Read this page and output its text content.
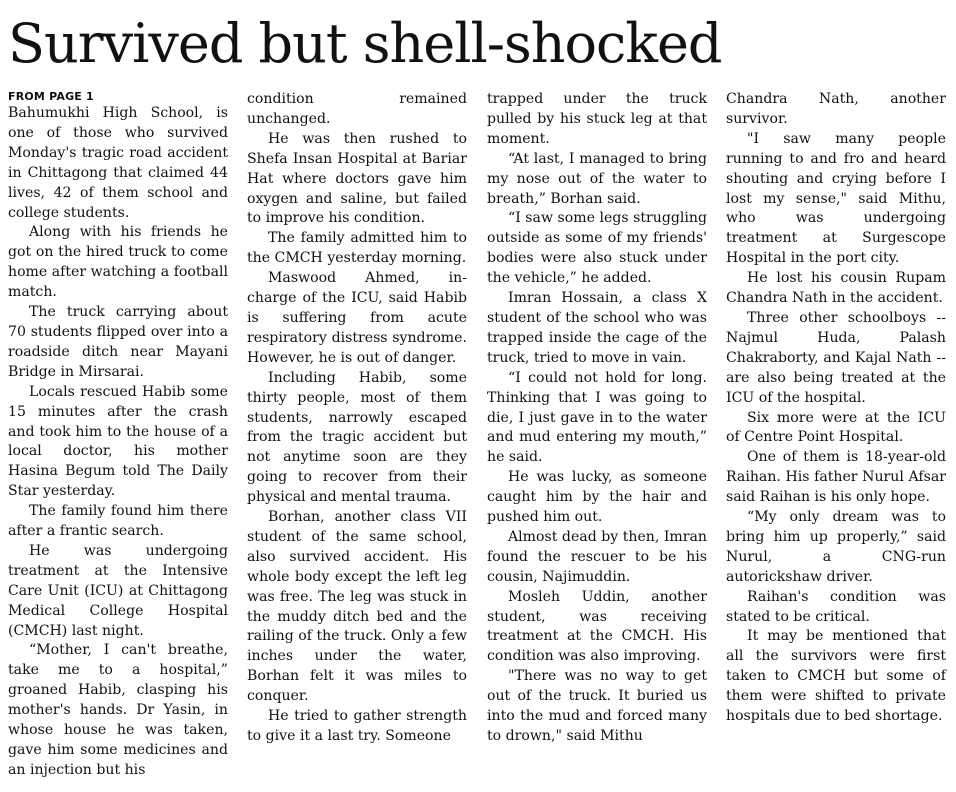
Survived but shell-shocked
FROM PAGE 1

Bahumukhi High School, is one of those who survived Monday's tragic road accident in Chittagong that claimed 44 lives, 42 of them school and college students.

Along with his friends he got on the hired truck to come home after watching a football match.

The truck carrying about 70 students flipped over into a roadside ditch near Mayani Bridge in Mirsarai.

Locals rescued Habib some 15 minutes after the crash and took him to the house of a local doctor, his mother Hasina Begum told The Daily Star yesterday.

The family found him there after a frantic search.

He was undergoing treatment at the Intensive Care Unit (ICU) at Chittagong Medical College Hospital (CMCH) last night.

“Mother, I can't breathe, take me to a hospital,” groaned Habib, clasping his mother's hands. Dr Yasin, in whose house he was taken, gave him some medicines and an injection but his

condition remained unchanged.

He was then rushed to Shefa Insan Hospital at Bariar Hat where doctors gave him oxygen and saline, but failed to improve his condition.

The family admitted him to the CMCH yesterday morning.

Maswood Ahmed, in-charge of the ICU, said Habib is suffering from acute respiratory distress syndrome. However, he is out of danger.

Including Habib, some thirty people, most of them students, narrowly escaped from the tragic accident but not anytime soon are they going to recover from their physical and mental trauma.

Borhan, another class VII student of the same school, also survived accident. His whole body except the left leg was free. The leg was stuck in the muddy ditch bed and the railing of the truck. Only a few inches under the water, Borhan felt it was miles to conquer.

He tried to gather strength to give it a last try. Someone

trapped under the truck pulled by his stuck leg at that moment.

“At last, I managed to bring my nose out of the water to breath,” Borhan said.

“I saw some legs struggling outside as some of my friends' bodies were also stuck under the vehicle,” he added.

Imran Hossain, a class X student of the school who was trapped inside the cage of the truck, tried to move in vain.

“I could not hold for long. Thinking that I was going to die, I just gave in to the water and mud entering my mouth,” he said.

He was lucky, as someone caught him by the hair and pushed him out.

Almost dead by then, Imran found the rescuer to be his cousin, Najimuddin.

Mosleh Uddin, another student, was receiving treatment at the CMCH. His condition was also improving.

"There was no way to get out of the truck. It buried us into the mud and forced many to drown," said Mithu

Chandra Nath, another survivor.

"I saw many people running to and fro and heard shouting and crying before I lost my sense," said Mithu, who was undergoing treatment at Surgescope Hospital in the port city.

He lost his cousin Rupam Chandra Nath in the accident.

Three other schoolboys -- Najmul Huda, Palash Chakraborty, and Kajal Nath -- are also being treated at the ICU of the hospital.

Six more were at the ICU of Centre Point Hospital.

One of them is 18-year-old Raihan. His father Nurul Afsar said Raihan is his only hope.

“My only dream was to bring him up properly,” said Nurul, a CNG-run autorickshaw driver.

Raihan's condition was stated to be critical.

It may be mentioned that all the survivors were first taken to CMCH but some of them were shifted to private hospitals due to bed shortage.
